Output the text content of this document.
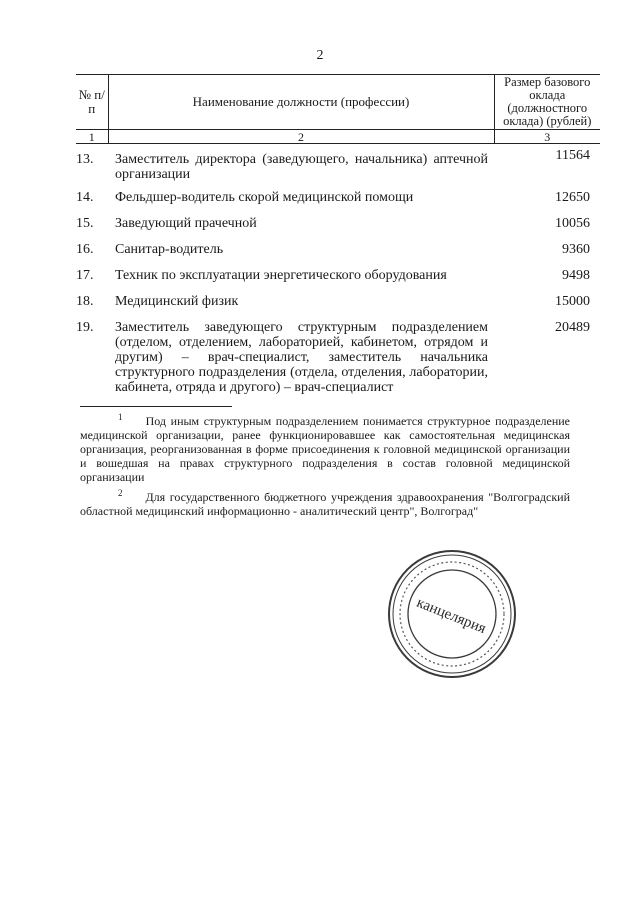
2
№ п/п	Наименование должности (профессии)	Размер базового оклада (должностного оклада) (рублей)
1	2	3
13.	Заместитель директора (заведующего, начальника) аптечной организации	11564
14.	Фельдшер-водитель скорой медицинской помощи	12650
15.	Заведующий прачечной	10056
16.	Санитар-водитель	9360
17.	Техник по эксплуатации энергетического оборудования	9498
18.	Медицинский физик	15000
19.	Заместитель заведующего структурным подразделением (отделом, отделением, лабораторией, кабинетом, отрядом и другим) – врач-специалист, заместитель начальника структурного подразделения (отдела, отделения, лаборатории, кабинета, отряда и другого) – врач-специалист	20489
$^1$ Под иным структурным подразделением понимается структурное подразделение медицинской организации, ранее функционировавшее как самостоятельная медицинская организация, реорганизованная в форме присоединения к головной медицинской организации и вошедшая на правах структурного подразделения в состав головной медицинской организации
$^2$ Для государственного бюджетного учреждения здравоохранения "Волгоградский областной медицинский информационно - аналитический центр", Волгоград"
канцелярия
